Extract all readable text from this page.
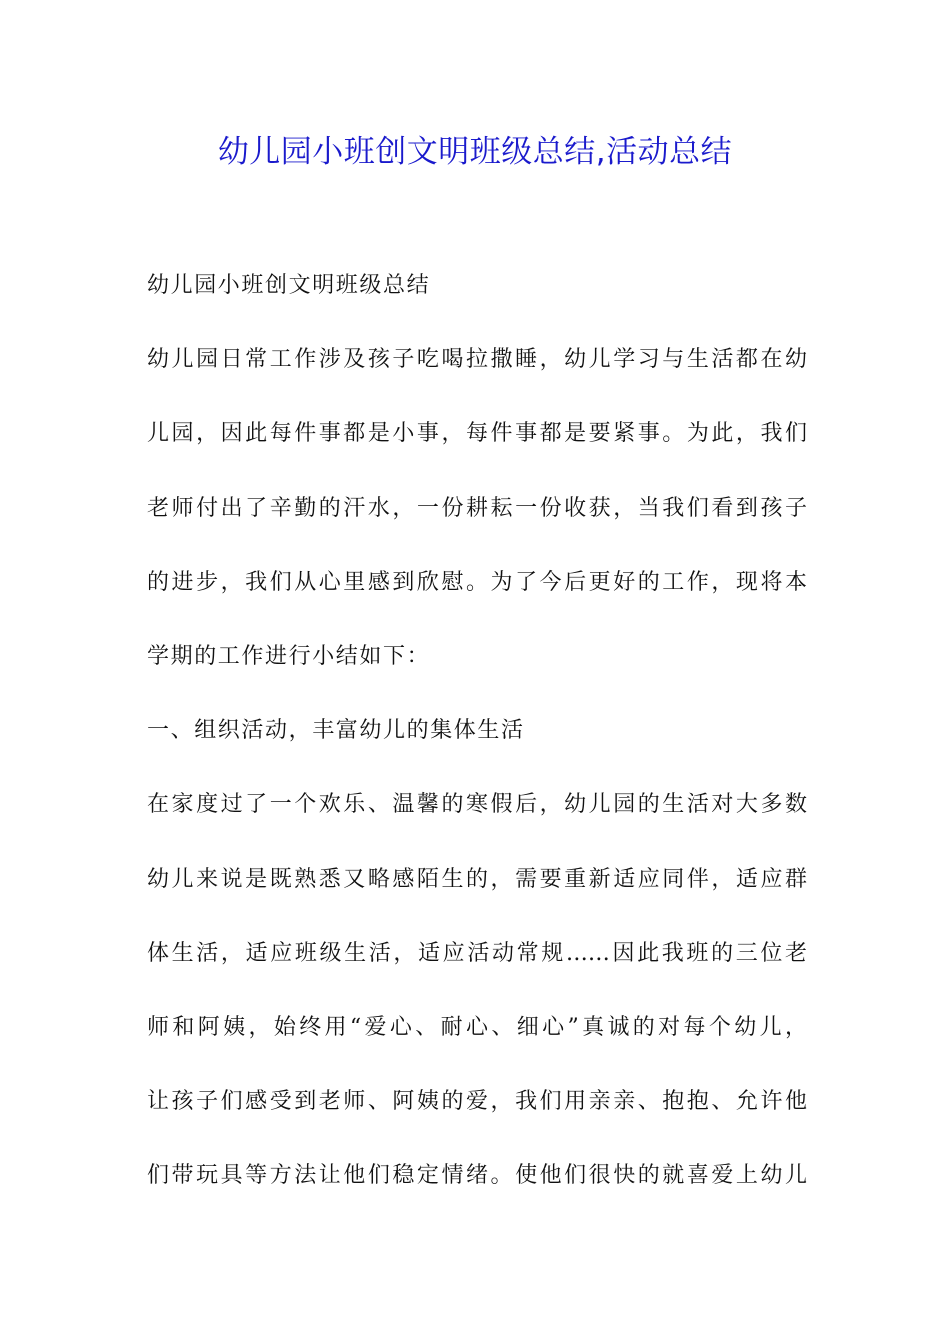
幼儿园小班创文明班级总结,活动总结
幼儿园小班创文明班级总结
幼儿园日常工作涉及孩子吃喝拉撒睡，幼儿学习与生活都在幼
儿园，因此每件事都是小事，每件事都是要紧事。为此，我们
老师付出了辛勤的汗水，一份耕耘一份收获，当我们看到孩子
的进步，我们从心里感到欣慰。为了今后更好的工作，现将本
学期的工作进行小结如下：
一、组织活动，丰富幼儿的集体生活
在家度过了一个欢乐、温馨的寒假后，幼儿园的生活对大多数
幼儿来说是既熟悉又略感陌生的，需要重新适应同伴，适应群
体生活，适应班级生活，适应活动常规……因此我班的三位老
师和阿姨，始终用“爱心、耐心、细心”真诚的对每个幼儿，
让孩子们感受到老师、阿姨的爱，我们用亲亲、抱抱、允许他
们带玩具等方法让他们稳定情绪。使他们很快的就喜爱上幼儿
